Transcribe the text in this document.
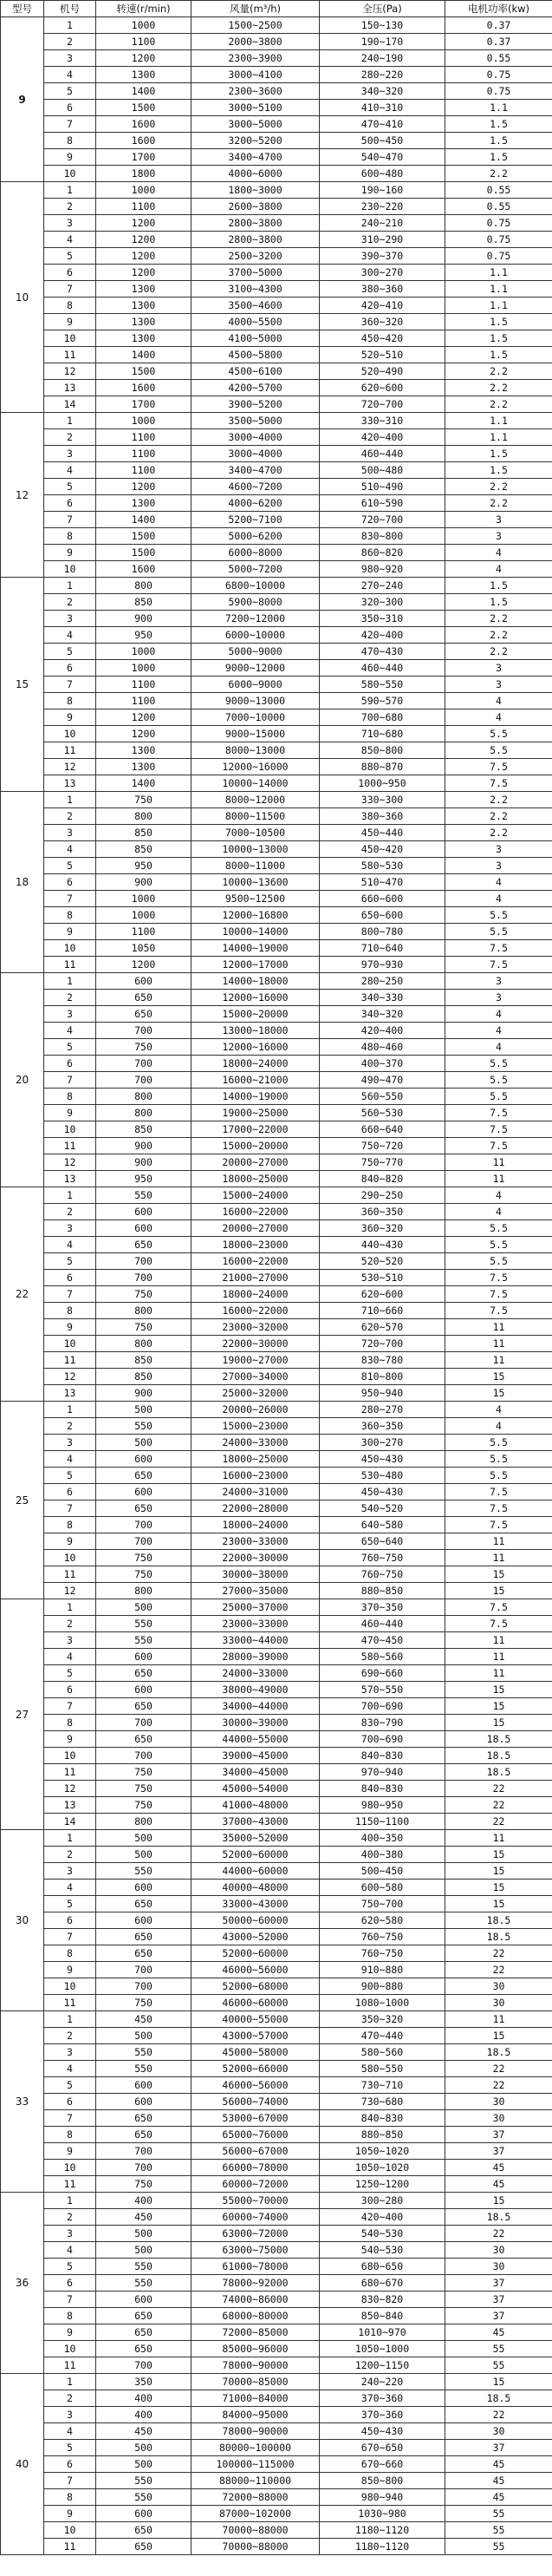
型号	机号	转速(r/min)	风量(m³/h)	全压(Pa)	电机功率(kw)
9	1	1000	1500~2500	150~130	0.37
	2	1100	2000~3800	190~170	0.37
	3	1200	2300~3900	240~190	0.55
	4	1300	3000~4100	280~220	0.75
	5	1400	2300~3600	340~320	0.75
	6	1500	3000~5100	410~310	1.1
	7	1600	3000~5000	470~410	1.5
	8	1600	3200~5200	500~450	1.5
	9	1700	3400~4700	540~470	1.5
	10	1800	4000~6000	600~480	2.2
10	1	1000	1800~3000	190~160	0.55
	2	1100	2600~3800	230~220	0.55
	3	1200	2800~3800	240~210	0.75
	4	1200	2800~3800	310~290	0.75
	5	1200	2500~3200	390~370	0.75
	6	1200	3700~5000	300~270	1.1
	7	1300	3100~4300	380~360	1.1
	8	1300	3500~4600	420~410	1.1
	9	1300	4000~5500	360~320	1.5
	10	1300	4100~5000	450~420	1.5
	11	1400	4500~5800	520~510	1.5
	12	1500	4500~6100	520~490	2.2
	13	1600	4200~5700	620~600	2.2
	14	1700	3900~5200	720~700	2.2
12	1	1000	3500~5000	330~310	1.1
	2	1100	3000~4000	420~400	1.1
	3	1100	3000~4000	460~440	1.5
	4	1100	3400~4700	500~480	1.5
	5	1200	4600~7200	510~490	2.2
	6	1300	4000~6200	610~590	2.2
	7	1400	5200~7100	720~700	3
	8	1500	5000~6200	830~800	3
	9	1500	6000~8000	860~820	4
	10	1600	5000~7200	980~920	4
15	1	800	6800~10000	270~240	1.5
	2	850	5900~8000	320~300	1.5
	3	900	7200~12000	350~310	2.2
	4	950	6000~10000	420~400	2.2
	5	1000	5000~9000	470~430	2.2
	6	1000	9000~12000	460~440	3
	7	1100	6000~9000	580~550	3
	8	1100	9000~13000	590~570	4
	9	1200	7000~10000	700~680	4
	10	1200	9000~15000	710~680	5.5
	11	1300	8000~13000	850~800	5.5
	12	1300	12000~16000	880~870	7.5
	13	1400	10000~14000	1000~950	7.5
18	1	750	8000~12000	330~300	2.2
	2	800	8000~11500	380~360	2.2
	3	850	7000~10500	450~440	2.2
	4	850	10000~13000	450~420	3
	5	950	8000~11000	580~530	3
	6	900	10000~13600	510~470	4
	7	1000	9500~12500	660~600	4
	8	1000	12000~16800	650~600	5.5
	9	1100	10000~14000	800~780	5.5
	10	1050	14000~19000	710~640	7.5
	11	1200	12000~17000	970~930	7.5
20	1	600	14000~18000	280~250	3
	2	650	12000~16000	340~330	3
	3	650	15000~20000	340~320	4
	4	700	13000~18000	420~400	4
	5	750	12000~16000	480~460	4
	6	700	18000~24000	400~370	5.5
	7	700	16000~21000	490~470	5.5
	8	800	14000~19000	560~550	5.5
	9	800	19000~25000	560~530	7.5
	10	850	17000~22000	660~640	7.5
	11	900	15000~20000	750~720	7.5
	12	900	20000~27000	750~770	11
	13	950	18000~25000	840~820	11
22	1	550	15000~24000	290~250	4
	2	600	16000~22000	360~350	4
	3	600	20000~27000	360~320	5.5
	4	650	18000~23000	440~430	5.5
	5	700	16000~22000	520~520	5.5
	6	700	21000~27000	530~510	7.5
	7	750	18000~24000	620~600	7.5
	8	800	16000~22000	710~660	7.5
	9	750	23000~32000	620~570	11
	10	800	22000~30000	720~700	11
	11	850	19000~27000	830~780	11
	12	850	27000~34000	810~800	15
	13	900	25000~32000	950~940	15
25	1	500	20000~26000	280~270	4
	2	550	15000~23000	360~350	4
	3	500	24000~33000	300~270	5.5
	4	600	18000~25000	450~430	5.5
	5	650	16000~23000	530~480	5.5
	6	600	24000~31000	450~430	7.5
	7	650	22000~28000	540~520	7.5
	8	700	18000~24000	640~580	7.5
	9	700	23000~33000	650~640	11
	10	750	22000~30000	760~750	11
	11	750	30000~38000	760~750	15
	12	800	27000~35000	880~850	15
27	1	500	25000~37000	370~350	7.5
	2	550	23000~33000	460~440	7.5
	3	550	33000~44000	470~450	11
	4	600	28000~39000	580~560	11
	5	650	24000~33000	690~660	11
	6	600	38000~49000	570~550	15
	7	650	34000~44000	700~690	15
	8	700	30000~39000	830~790	15
	9	650	44000~55000	700~690	18.5
	10	700	39000~45000	840~830	18.5
	11	750	34000~45000	970~940	18.5
	12	750	45000~54000	840~830	22
	13	750	41000~48000	980~950	22
	14	800	37000~43000	1150~1100	22
30	1	500	35000~52000	400~350	11
	2	500	52000~60000	400~380	15
	3	550	44000~60000	500~450	15
	4	600	40000~48000	600~580	15
	5	650	33000~43000	750~700	15
	6	600	50000~60000	620~580	18.5
	7	650	43000~52000	760~750	18.5
	8	650	52000~60000	760~750	22
	9	700	46000~56000	910~880	22
	10	700	52000~68000	900~880	30
	11	750	46000~60000	1080~1000	30
33	1	450	40000~55000	350~320	11
	2	500	43000~57000	470~440	15
	3	550	45000~58000	580~560	18.5
	4	550	52000~66000	580~550	22
	5	600	46000~56000	730~710	22
	6	600	56000~74000	730~680	30
	7	650	53000~67000	840~830	30
	8	650	65000~76000	880~850	37
	9	700	56000~67000	1050~1020	37
	10	700	66000~78000	1050~1020	45
	11	750	60000~72000	1250~1200	45
36	1	400	55000~70000	300~280	15
	2	450	60000~74000	420~400	18.5
	3	500	63000~72000	540~530	22
	4	500	63000~75000	540~530	30
	5	550	61000~78000	680~650	30
	6	550	78000~92000	680~670	37
	7	600	74000~86000	830~820	37
	8	650	68000~80000	850~840	37
	9	650	72000~85000	1010~970	45
	10	650	85000~96000	1050~1000	55
	11	700	78000~90000	1200~1150	55
40	1	350	70000~85000	240~220	15
	2	400	71000~84000	370~360	18.5
	3	400	84000~95000	370~360	22
	4	450	78000~90000	450~430	30
	5	500	80000~100000	670~650	37
	6	500	100000~115000	670~660	45
	7	550	88000~110000	850~800	45
	8	550	72000~88000	980~940	45
	9	600	87000~102000	1030~980	55
	10	650	70000~88000	1180~1120	55
	11	650	70000~88000	1180~1120	55
